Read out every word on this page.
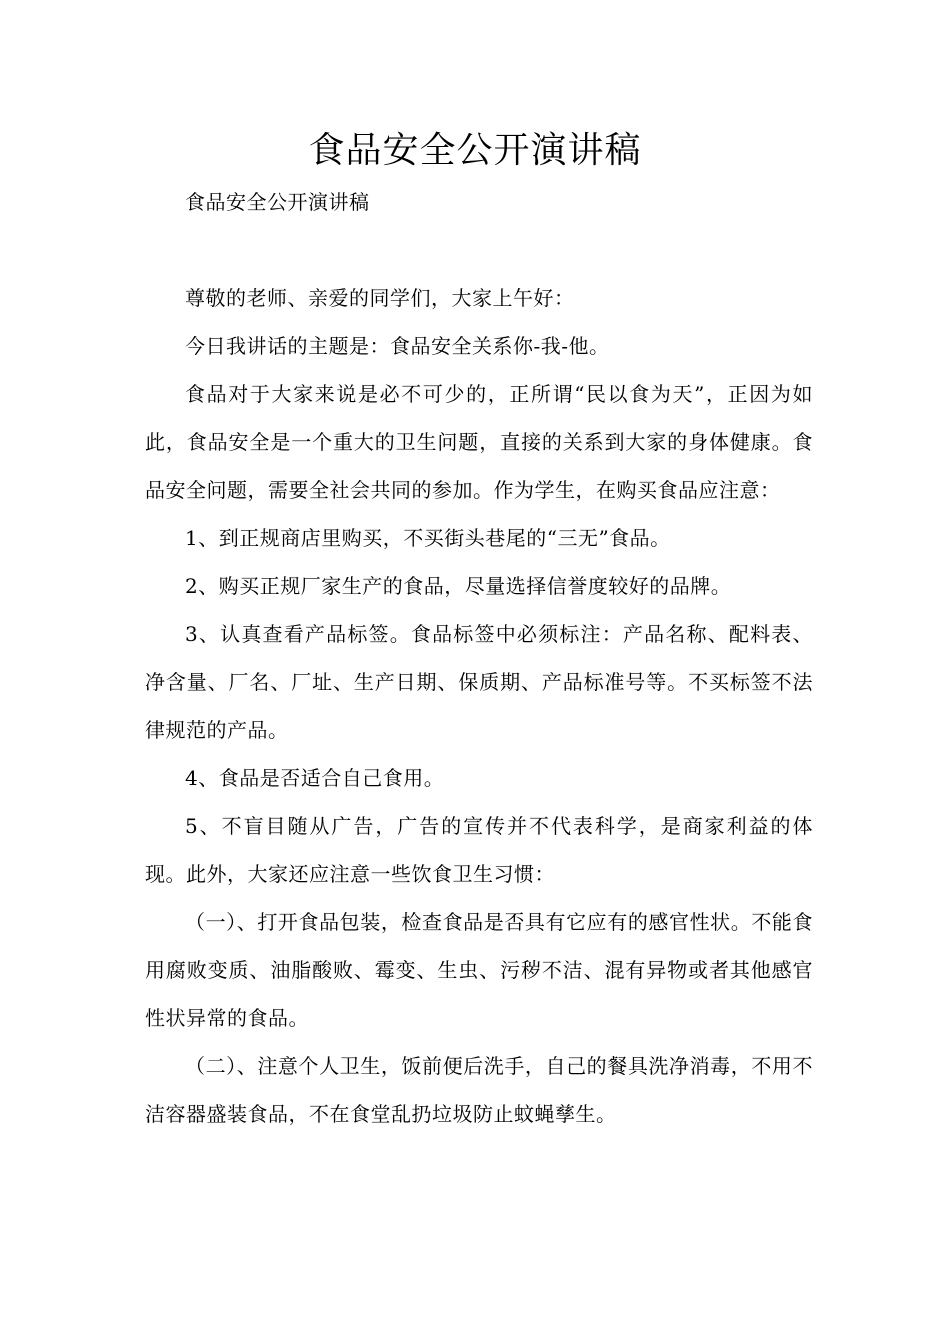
食品安全公开演讲稿

食品安全公开演讲稿

尊敬的老师、亲爱的同学们，大家上午好：

今日我讲话的主题是：食品安全关系你-我-他。

食品对于大家来说是必不可少的，正所谓“民以食为天”，正因为如此，食品安全是一个重大的卫生问题，直接的关系到大家的身体健康。食品安全问题，需要全社会共同的参加。作为学生，在购买食品应注意：

1、到正规商店里购买，不买街头巷尾的“三无”食品。

2、购买正规厂家生产的食品，尽量选择信誉度较好的品牌。

3、认真查看产品标签。食品标签中必须标注：产品名称、配料表、净含量、厂名、厂址、生产日期、保质期、产品标准号等。不买标签不法律规范的产品。

4、食品是否适合自己食用。

5、不盲目随从广告，广告的宣传并不代表科学，是商家利益的体现。此外，大家还应注意一些饮食卫生习惯：

（一）、打开食品包装，检查食品是否具有它应有的感官性状。不能食用腐败变质、油脂酸败、霉变、生虫、污秽不洁、混有异物或者其他感官性状异常的食品。

（二）、注意个人卫生，饭前便后洗手，自己的餐具洗净消毒，不用不洁容器盛装食品，不在食堂乱扔垃圾防止蚊蝇孳生。
